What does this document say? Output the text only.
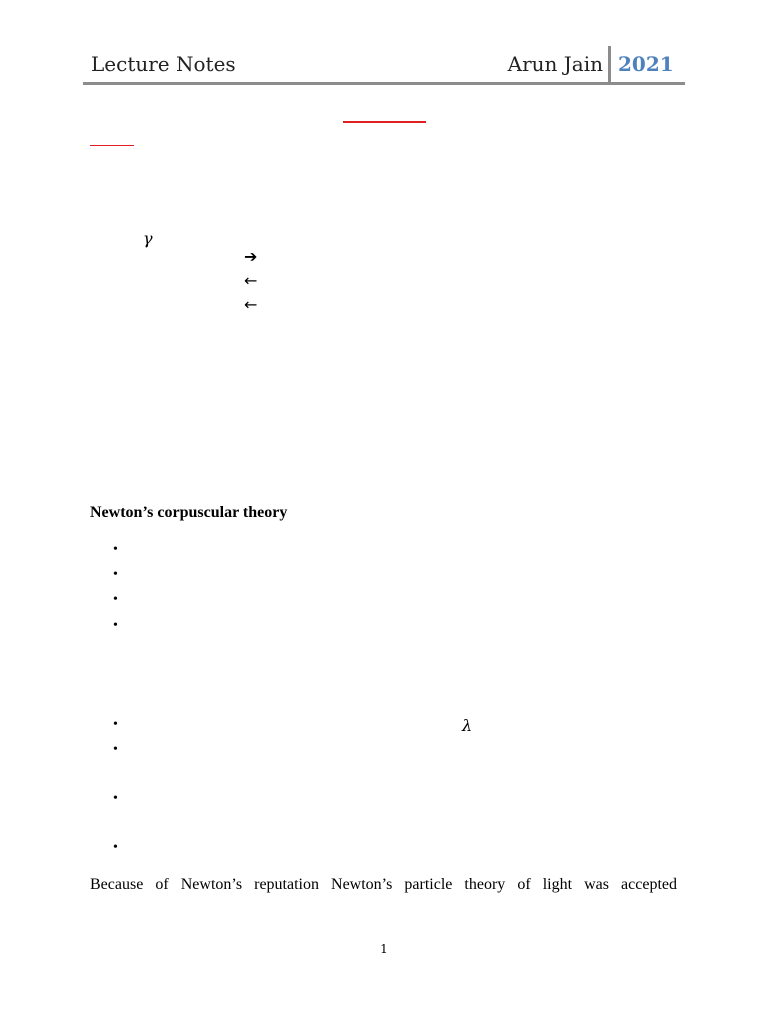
Lecture Notes	Arun Jain 2021
γ
➔
←
←
Newton’s corpuscular theory
•
•
•
•
•	λ
•
•
•
Because of Newton’s reputation Newton’s particle theory of light was accepted
1
